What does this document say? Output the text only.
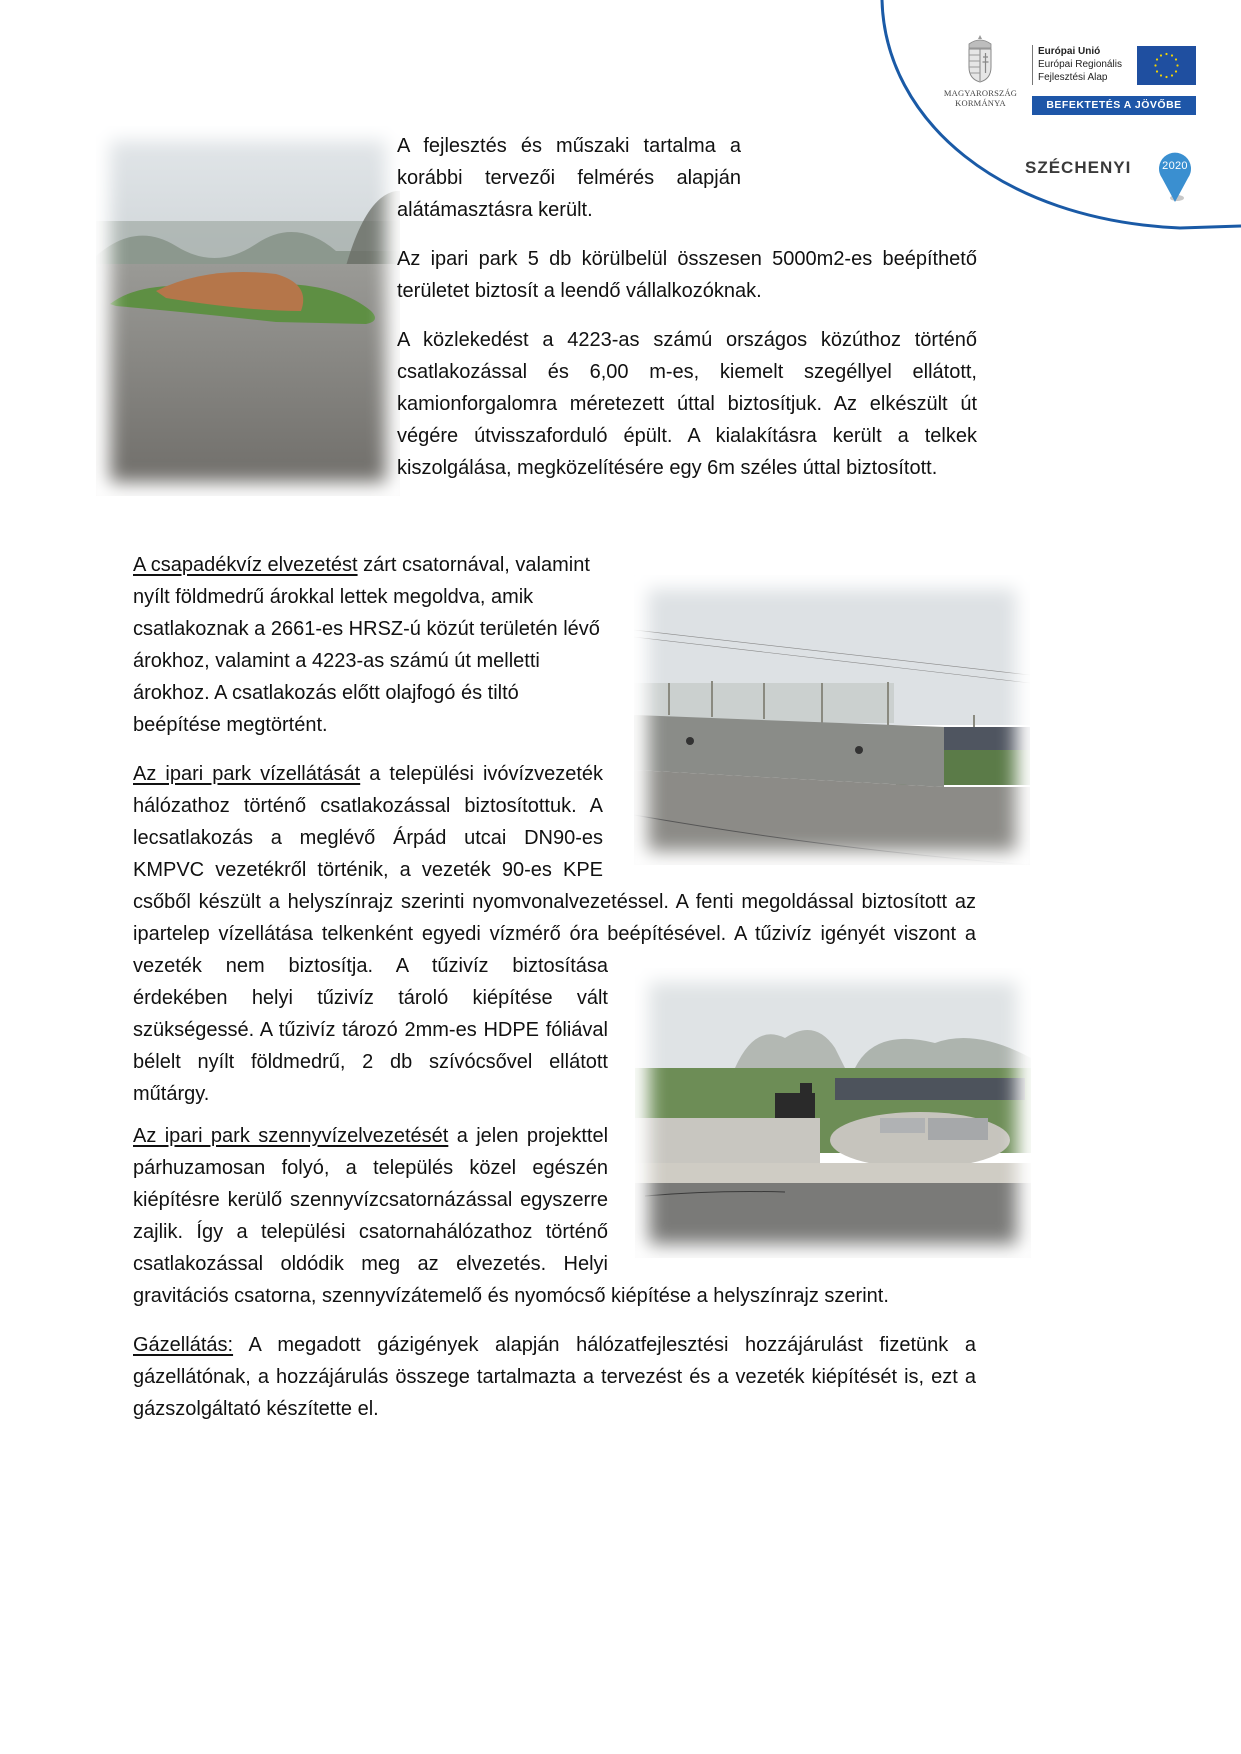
MAGYARORSZÁG
KORMÁNYA
Európai Unió
Európai Regionális
Fejlesztési Alap
BEFEKTETÉS A JÖVŐBE
SZÉCHENYI	2020
A fejlesztés és műszaki tartalma a
korábbi tervezői felmérés alapján
alátámasztásra került.
Az ipari park 5 db körülbelül összesen 5000m2-es beépíthető
területet biztosít a leendő vállalkozóknak.
A közlekedést a 4223-as számú országos közúthoz történő
csatlakozással és 6,00 m-es, kiemelt szegéllyel ellátott,
kamionforgalomra méretezett úttal biztosítjuk. Az elkészült út
végére útvisszaforduló épült. A kialakításra került a telkek
kiszolgálása, megközelítésére egy 6m széles úttal biztosított.
A csapadékvíz elvezetést zárt csatornával, valamint
nyílt földmedrű árokkal lettek megoldva, amik
csatlakoznak a 2661-es HRSZ-ú közút területén lévő
árokhoz, valamint a 4223-as számú út melletti
árokhoz. A csatlakozás előtt olajfogó és tiltó
beépítése megtörtént.
Az ipari park vízellátását a települési ivóvízvezeték
hálózathoz történő csatlakozással biztosítottuk. A
lecsatlakozás a meglévő Árpád utcai DN90-es
KMPVC vezetékről történik, a vezeték 90-es KPE
csőből készült a helyszínrajz szerinti nyomvonalvezetéssel. A fenti megoldással biztosított az
ipartelep vízellátása telkenként egyedi vízmérő óra beépítésével. A tűzivíz igényét viszont a
vezeték nem biztosítja. A tűzivíz biztosítása
érdekében helyi tűzivíz tároló kiépítése vált
szükségessé. A tűzivíz tározó 2mm-es HDPE fóliával
bélelt nyílt földmedrű, 2 db szívócsővel ellátott
műtárgy.
Az ipari park szennyvízelvezetését a jelen projekttel
párhuzamosan folyó, a település közel egészén
kiépítésre kerülő szennyvízcsatornázással egyszerre
zajlik. Így a települési csatornahálózathoz történő
csatlakozással oldódik meg az elvezetés. Helyi
gravitációs csatorna, szennyvízátemelő és nyomócső kiépítése a helyszínrajz szerint.
Gázellátás: A megadott gázigények alapján hálózatfejlesztési hozzájárulást fizetünk a
gázellátónak, a hozzájárulás összege tartalmazta a tervezést és a vezeték kiépítését is, ezt a
gázszolgáltató készítette el.
